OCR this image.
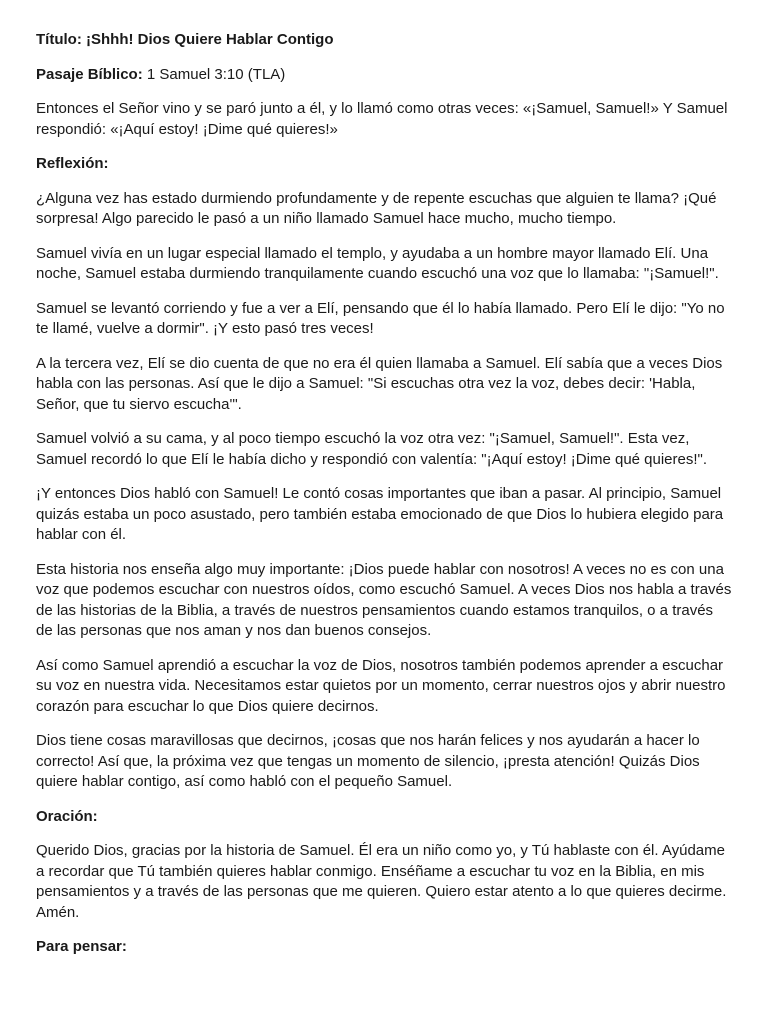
Título: ¡Shhh! Dios Quiere Hablar Contigo

Pasaje Bíblico: 1 Samuel 3:10 (TLA)

Entonces el Señor vino y se paró junto a él, y lo llamó como otras veces: «¡Samuel, Samuel!» Y Samuel respondió: «¡Aquí estoy! ¡Dime qué quieres!»

Reflexión:

¿Alguna vez has estado durmiendo profundamente y de repente escuchas que alguien te llama? ¡Qué sorpresa! Algo parecido le pasó a un niño llamado Samuel hace mucho, mucho tiempo.

Samuel vivía en un lugar especial llamado el templo, y ayudaba a un hombre mayor llamado Elí. Una noche, Samuel estaba durmiendo tranquilamente cuando escuchó una voz que lo llamaba: "¡Samuel!".

Samuel se levantó corriendo y fue a ver a Elí, pensando que él lo había llamado. Pero Elí le dijo: "Yo no te llamé, vuelve a dormir". ¡Y esto pasó tres veces!

A la tercera vez, Elí se dio cuenta de que no era él quien llamaba a Samuel. Elí sabía que a veces Dios habla con las personas. Así que le dijo a Samuel: "Si escuchas otra vez la voz, debes decir: 'Habla, Señor, que tu siervo escucha'".

Samuel volvió a su cama, y al poco tiempo escuchó la voz otra vez: "¡Samuel, Samuel!". Esta vez, Samuel recordó lo que Elí le había dicho y respondió con valentía: "¡Aquí estoy! ¡Dime qué quieres!".

¡Y entonces Dios habló con Samuel! Le contó cosas importantes que iban a pasar. Al principio, Samuel quizás estaba un poco asustado, pero también estaba emocionado de que Dios lo hubiera elegido para hablar con él.

Esta historia nos enseña algo muy importante: ¡Dios puede hablar con nosotros! A veces no es con una voz que podemos escuchar con nuestros oídos, como escuchó Samuel. A veces Dios nos habla a través de las historias de la Biblia, a través de nuestros pensamientos cuando estamos tranquilos, o a través de las personas que nos aman y nos dan buenos consejos.

Así como Samuel aprendió a escuchar la voz de Dios, nosotros también podemos aprender a escuchar su voz en nuestra vida. Necesitamos estar quietos por un momento, cerrar nuestros ojos y abrir nuestro corazón para escuchar lo que Dios quiere decirnos.

Dios tiene cosas maravillosas que decirnos, ¡cosas que nos harán felices y nos ayudarán a hacer lo correcto! Así que, la próxima vez que tengas un momento de silencio, ¡presta atención! Quizás Dios quiere hablar contigo, así como habló con el pequeño Samuel.

Oración:

Querido Dios, gracias por la historia de Samuel. Él era un niño como yo, y Tú hablaste con él. Ayúdame a recordar que Tú también quieres hablar conmigo. Enséñame a escuchar tu voz en la Biblia, en mis pensamientos y a través de las personas que me quieren. Quiero estar atento a lo que quieres decirme. Amén.

Para pensar:
